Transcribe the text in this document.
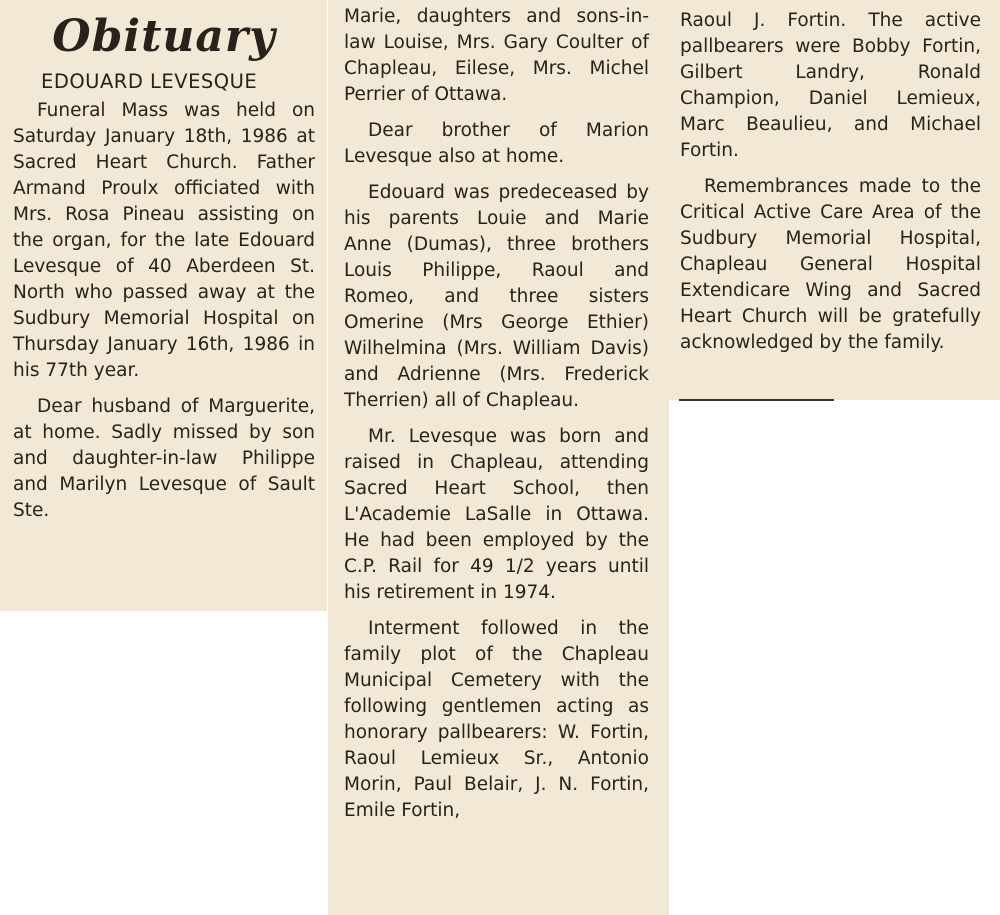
Obituary
EDOUARD LEVESQUE

Funeral Mass was held on Saturday January 18th, 1986 at Sacred Heart Church. Father Armand Proulx officiated with Mrs. Rosa Pineau assisting on the organ, for the late Edouard Levesque of 40 Aberdeen St. North who passed away at the Sudbury Memorial Hospital on Thursday January 16th, 1986 in his 77th year.

Dear husband of Marguerite, at home. Sadly missed by son and daughter-in-law Philippe and Marilyn Levesque of Sault Ste.

Marie, daughters and sons-in-law Louise, Mrs. Gary Coulter of Chapleau, Eilese, Mrs. Michel Perrier of Ottawa.

Dear brother of Marion Levesque also at home.

Edouard was predeceased by his parents Louie and Marie Anne (Dumas), three brothers Louis Philippe, Raoul and Romeo, and three sisters Omerine (Mrs George Ethier) Wilhelmina (Mrs. William Davis) and Adrienne (Mrs. Frederick Therrien) all of Chapleau.

Mr. Levesque was born and raised in Chapleau, attending Sacred Heart School, then L'Academie LaSalle in Ottawa. He had been employed by the C.P. Rail for 49 1/2 years until his retirement in 1974.

Interment followed in the family plot of the Chapleau Municipal Cemetery with the following gentlemen acting as honorary pallbearers: W. Fortin, Raoul Lemieux Sr., Antonio Morin, Paul Belair, J. N. Fortin, Emile Fortin,

Raoul J. Fortin. The active pallbearers were Bobby Fortin, Gilbert Landry, Ronald Champion, Daniel Lemieux, Marc Beaulieu, and Michael Fortin.

Remembrances made to the Critical Active Care Area of the Sudbury Memorial Hospital, Chapleau General Hospital Extendicare Wing and Sacred Heart Church will be gratefully acknowledged by the family.
